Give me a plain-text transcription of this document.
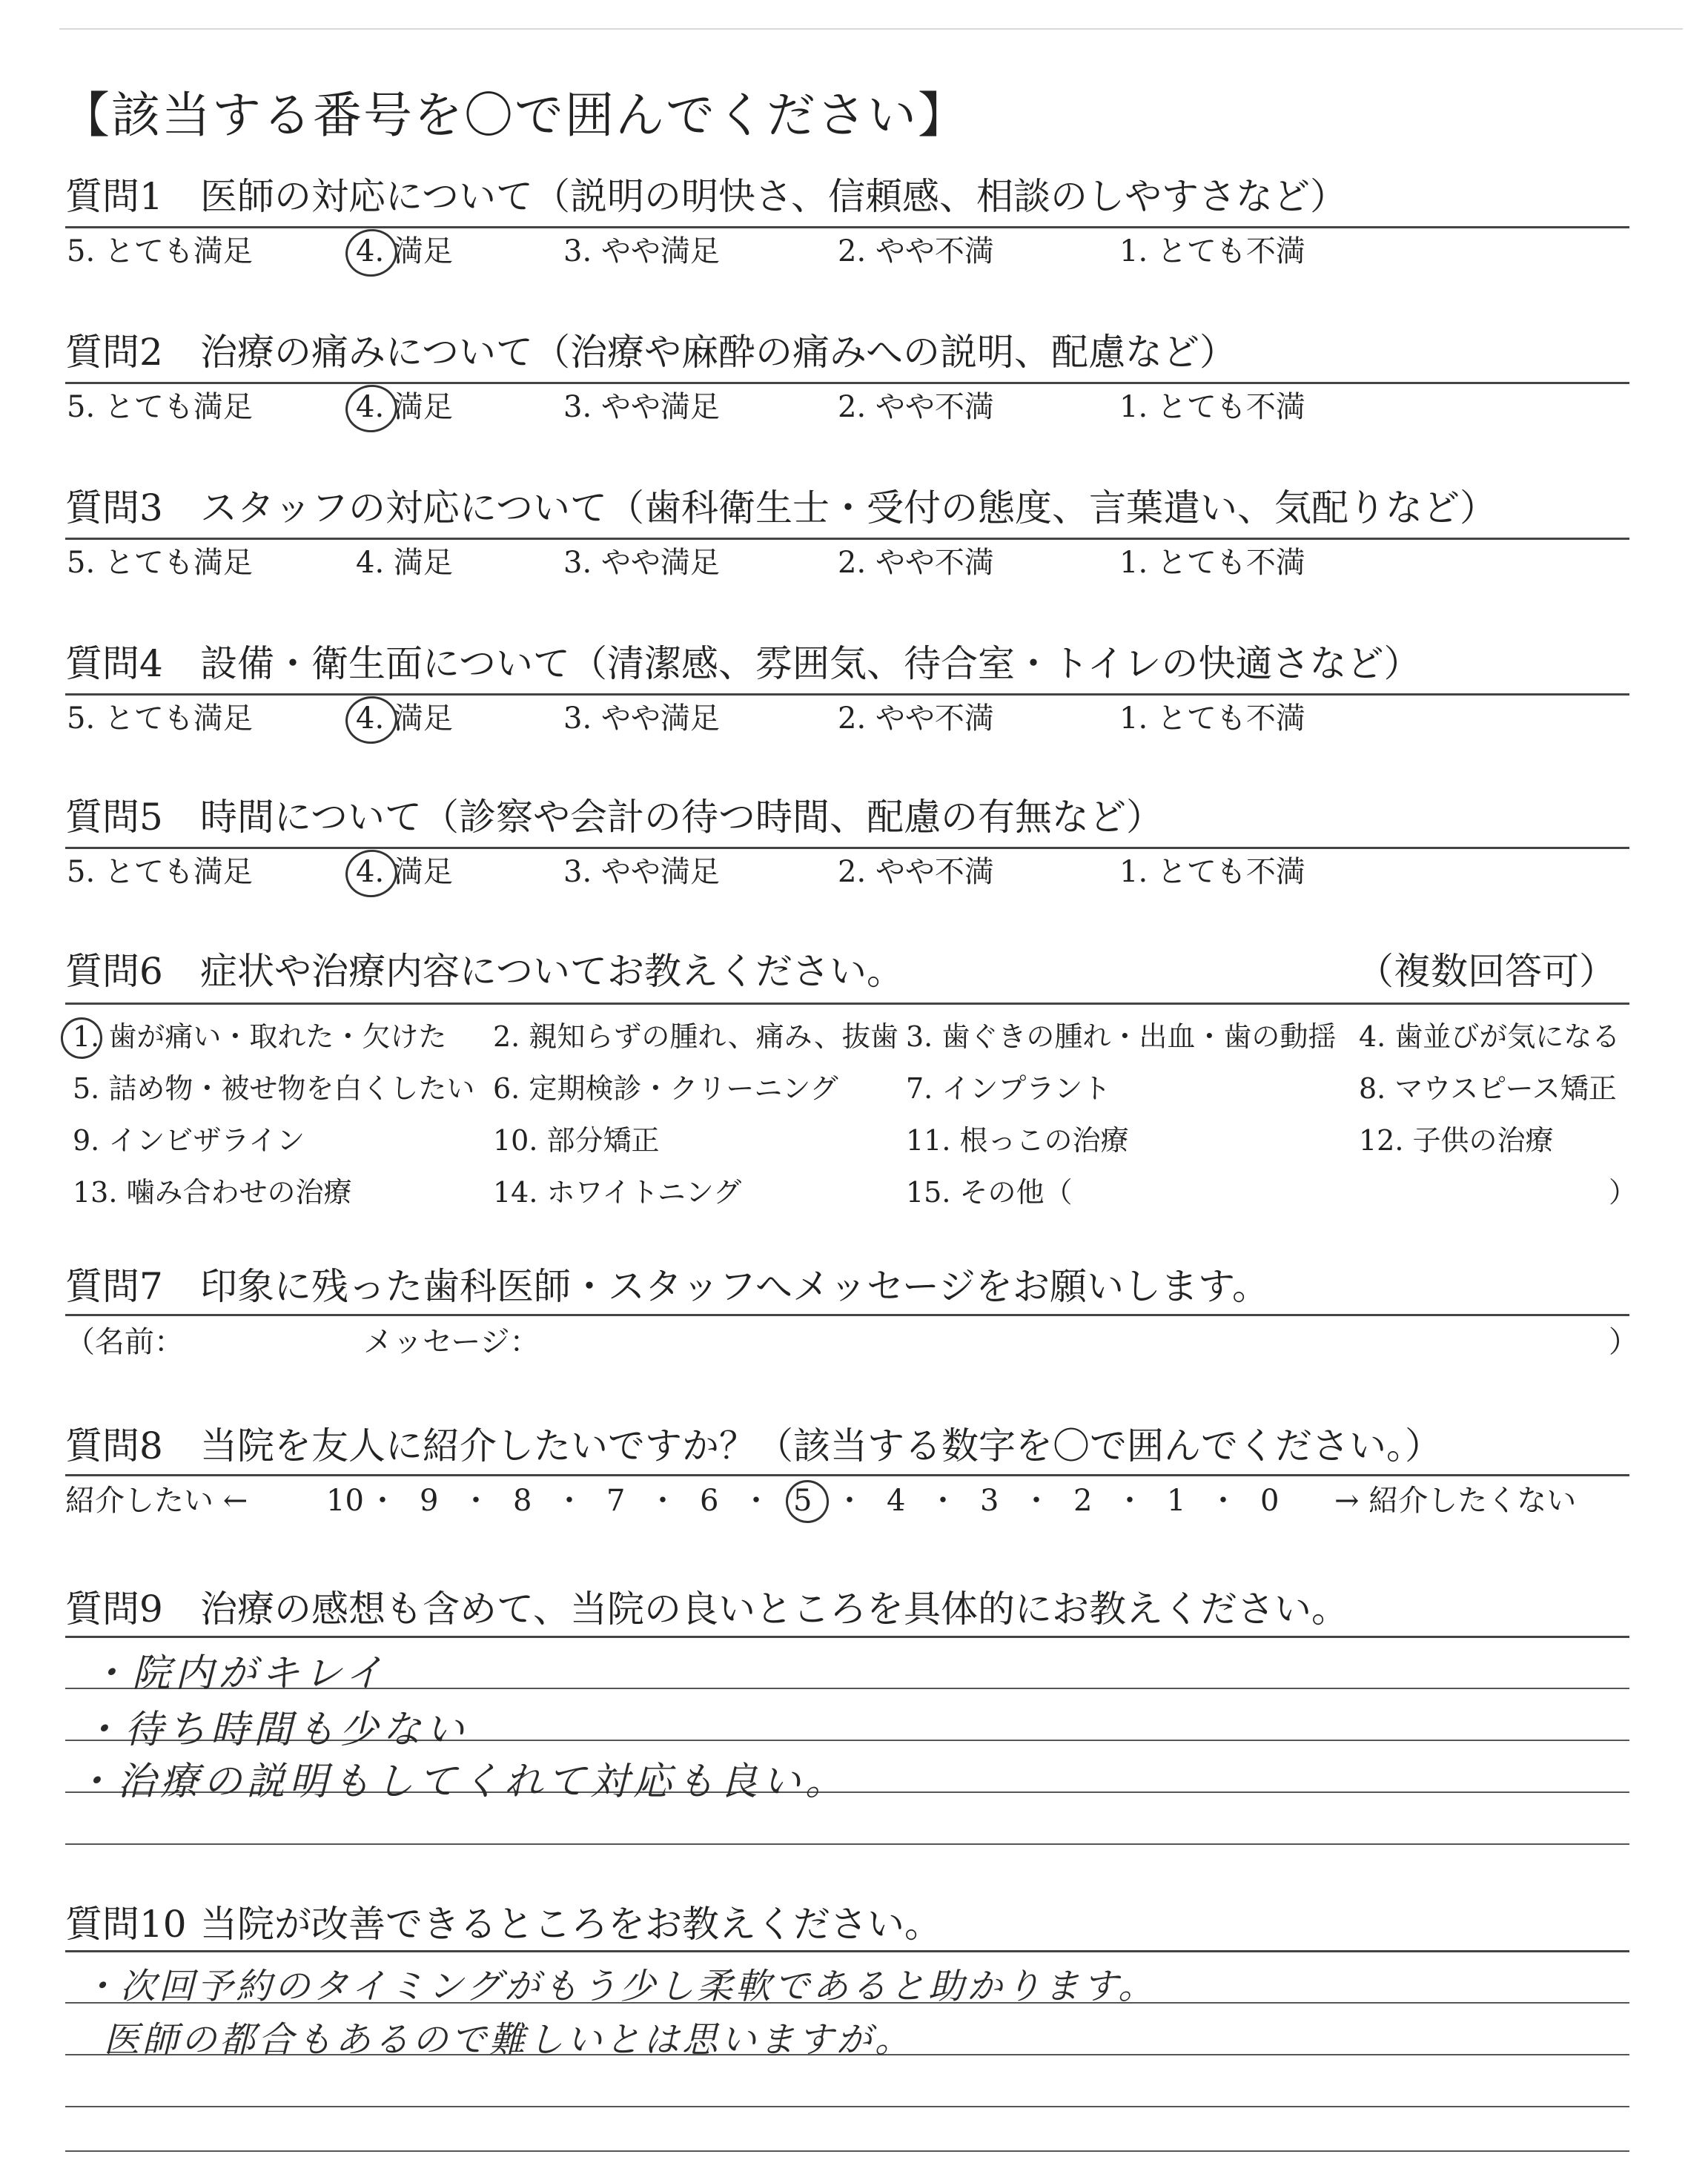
【該当する番号を〇で囲んでください】
質問1 医師の対応について（説明の明快さ、信頼感、相談のしやすさなど）
5. とても満足	4. 満足	3. やや満足	2. やや不満	1. とても不満
質問2 治療の痛みについて（治療や麻酔の痛みへの説明、配慮など）
5. とても満足	4. 満足	3. やや満足	2. やや不満	1. とても不満
質問3 スタッフの対応について（歯科衛生士・受付の態度、言葉遣い、気配りなど）
5. とても満足	4. 満足	3. やや満足	2. やや不満	1. とても不満
質問4 設備・衛生面について（清潔感、雰囲気、待合室・トイレの快適さなど）
5. とても満足	4. 満足	3. やや満足	2. やや不満	1. とても不満
質問5 時間について（診察や会計の待つ時間、配慮の有無など）
5. とても満足	4. 満足	3. やや満足	2. やや不満	1. とても不満
質問6 症状や治療内容についてお教えください。	（複数回答可）
1. 歯が痛い・取れた・欠けた 2. 親知らずの腫れ、痛み、抜歯 3. 歯ぐきの腫れ・出血・歯の動揺 4. 歯並びが気になる
5. 詰め物・被せ物を白くしたい 6. 定期検診・クリーニング 7. インプラント	8. マウスピース矯正
9. インビザライン	10. 部分矯正	11. 根っこの治療	12. 子供の治療
13. 噛み合わせの治療	14. ホワイトニング	15. その他（	）
質問7 印象に残った歯科医師・スタッフへメッセージをお願いします。
（名前：	メッセージ：	）
質問8 当院を友人に紹介したいですか？（該当する数字を〇で囲んでください。）
紹介したい ←	→ 紹介したくない
10 ・ 9 ・ 8 ・ 7 ・ 6 ・ 5 ・ 4 ・ 3 ・ 2 ・ 1 ・ 0
質問9 治療の感想も含めて、当院の良いところを具体的にお教えください。
・院内がキレイ
・待ち時間も少ない
・治療の説明もしてくれて対応も良い。
質問10 当院が改善できるところをお教えください。
・次回予約のタイミングがもう少し柔軟であると助かります。
医師の都合もあるので難しいとは思いますが。
